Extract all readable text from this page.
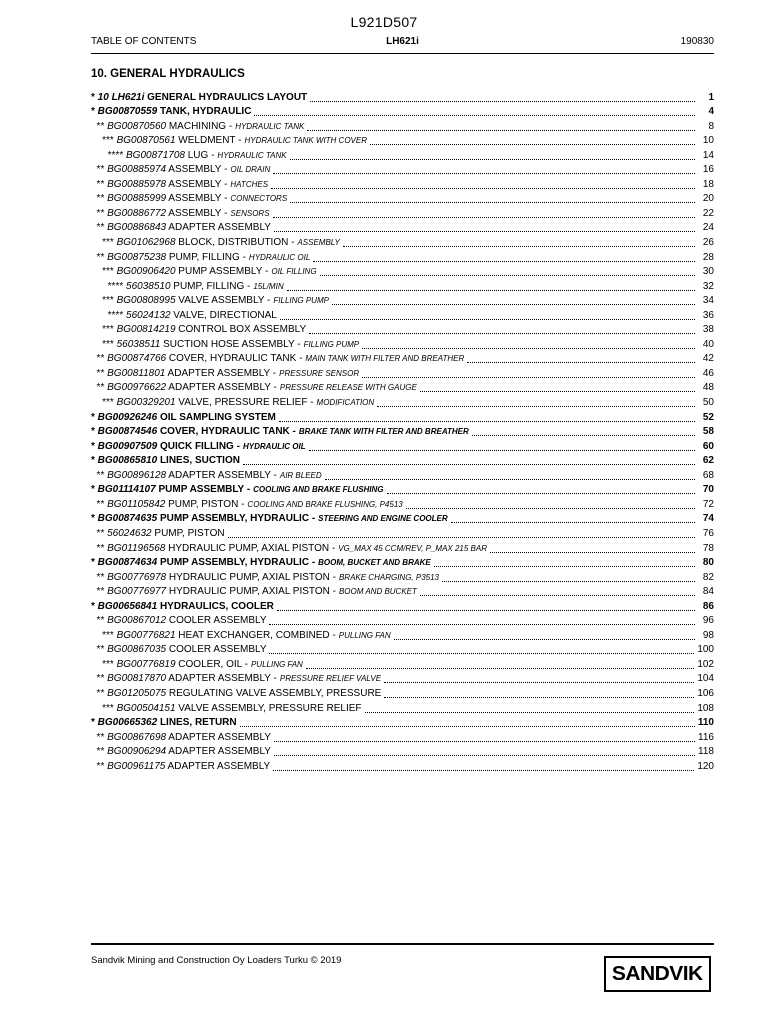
L921D507
TABLE OF CONTENTS	LH621i	190830
10. GENERAL HYDRAULICS
* 10 LH621i GENERAL HYDRAULICS LAYOUT	1
* BG00870559 TANK, HYDRAULIC	4
** BG00870560 MACHINING - HYDRAULIC TANK	8
*** BG00870561 WELDMENT - HYDRAULIC TANK WITH COVER	10
**** BG00871708 LUG - HYDRAULIC TANK	14
** BG00885974 ASSEMBLY - OIL DRAIN	16
** BG00885978 ASSEMBLY - HATCHES	18
** BG00885999 ASSEMBLY - CONNECTORS	20
** BG00886772 ASSEMBLY - SENSORS	22
** BG00886843 ADAPTER ASSEMBLY	24
*** BG01062968 BLOCK, DISTRIBUTION - ASSEMBLY	26
** BG00875238 PUMP, FILLING - HYDRAULIC OIL	28
*** BG00906420 PUMP ASSEMBLY - OIL FILLING	30
**** 56038510 PUMP, FILLING - 15L/MIN	32
*** BG00808995 VALVE ASSEMBLY - FILLING PUMP	34
**** 56024132 VALVE, DIRECTIONAL	36
*** BG00814219 CONTROL BOX ASSEMBLY	38
*** 56038511 SUCTION HOSE ASSEMBLY - FILLING PUMP	40
** BG00874766 COVER, HYDRAULIC TANK - MAIN TANK WITH FILTER AND BREATHER	42
** BG00811801 ADAPTER ASSEMBLY - PRESSURE SENSOR	46
** BG00976622 ADAPTER ASSEMBLY - PRESSURE RELEASE WITH GAUGE	48
*** BG00329201 VALVE, PRESSURE RELIEF - MODIFICATION	50
* BG00926246 OIL SAMPLING SYSTEM	52
* BG00874546 COVER, HYDRAULIC TANK - BRAKE TANK WITH FILTER AND BREATHER	58
* BG00907509 QUICK FILLING - HYDRAULIC OIL	60
* BG00865810 LINES, SUCTION	62
** BG00896128 ADAPTER ASSEMBLY - AIR BLEED	68
* BG01114107 PUMP ASSEMBLY - COOLING AND BRAKE FLUSHING	70
** BG01105842 PUMP, PISTON - COOLING AND BRAKE FLUSHING, P4513	72
* BG00874635 PUMP ASSEMBLY, HYDRAULIC - STEERING AND ENGINE COOLER	74
** 56024632 PUMP, PISTON	76
** BG01196568 HYDRAULIC PUMP, AXIAL PISTON - VG_MAX 45 CCM/REV, P_MAX 215 BAR	78
* BG00874634 PUMP ASSEMBLY, HYDRAULIC - BOOM, BUCKET AND BRAKE	80
** BG00776978 HYDRAULIC PUMP, AXIAL PISTON - BRAKE CHARGING, P3513	82
** BG00776977 HYDRAULIC PUMP, AXIAL PISTON - BOOM AND BUCKET	84
* BG00656841 HYDRAULICS, COOLER	86
** BG00867012 COOLER ASSEMBLY	96
*** BG00776821 HEAT EXCHANGER, COMBINED - PULLING FAN	98
** BG00867035 COOLER ASSEMBLY	100
*** BG00776819 COOLER, OIL - PULLING FAN	102
** BG00817870 ADAPTER ASSEMBLY - PRESSURE RELIEF VALVE	104
** BG01205075 REGULATING VALVE ASSEMBLY, PRESSURE	106
*** BG00504151 VALVE ASSEMBLY, PRESSURE RELIEF	108
* BG00665362 LINES, RETURN	110
** BG00867698 ADAPTER ASSEMBLY	116
** BG00906294 ADAPTER ASSEMBLY	118
** BG00961175 ADAPTER ASSEMBLY	120
Sandvik Mining and Construction Oy Loaders Turku © 2019
SANDVIK
